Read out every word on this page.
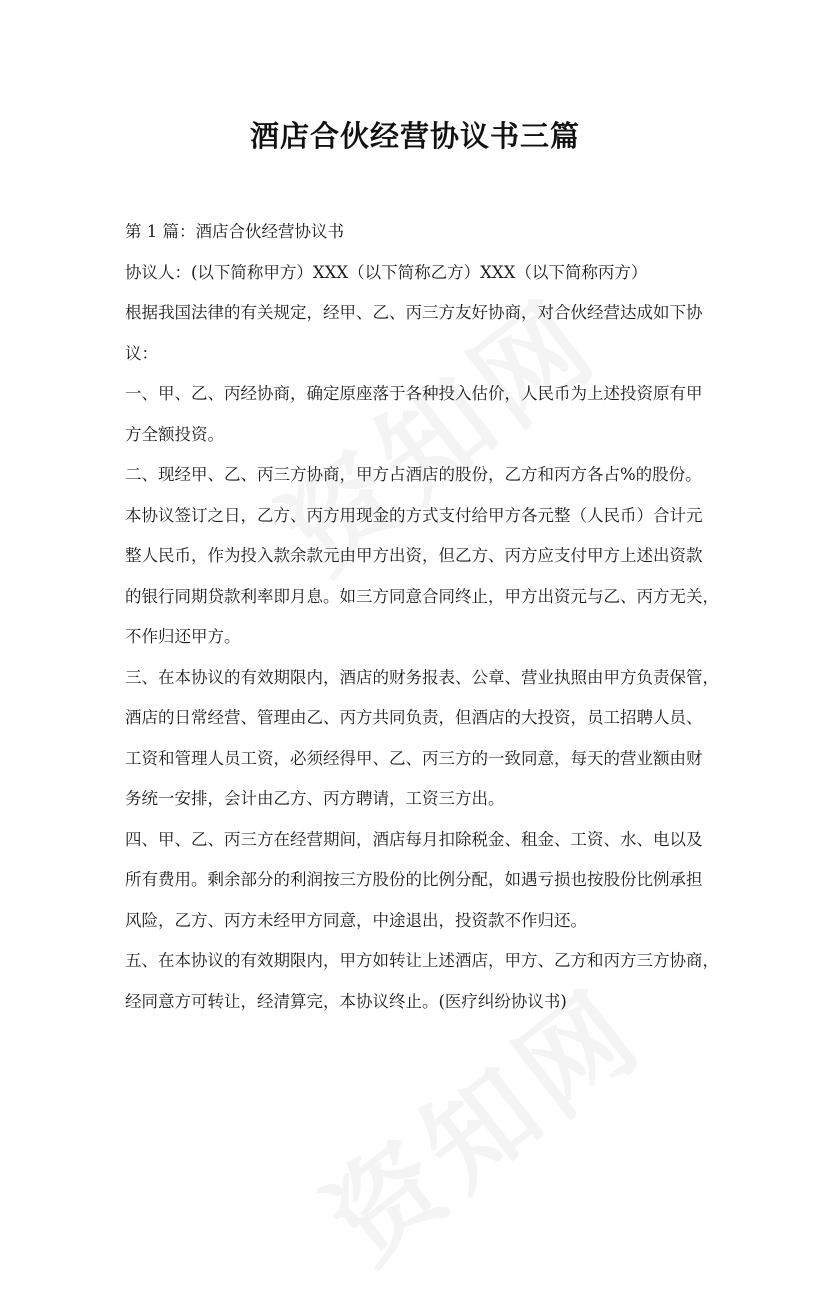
酒店合伙经营协议书三篇

第 1 篇：酒店合伙经营协议书

协议人：(以下简称甲方）XXX（以下简称乙方）XXX（以下简称丙方）

根据我国法律的有关规定，经甲、乙、丙三方友好协商，对合伙经营达成如下协

议：

一、甲、乙、丙经协商，确定原座落于各种投入估价，人民币为上述投资原有甲

方全额投资。

二、现经甲、乙、丙三方协商，甲方占酒店的股份，乙方和丙方各占%的股份。

本协议签订之日，乙方、丙方用现金的方式支付给甲方各元整（人民币）合计元

整人民币，作为投入款余款元由甲方出资，但乙方、丙方应支付甲方上述出资款

的银行同期贷款利率即月息。如三方同意合同终止，甲方出资元与乙、丙方无关，

不作归还甲方。

三、在本协议的有效期限内，酒店的财务报表、公章、营业执照由甲方负责保管，

酒店的日常经营、管理由乙、丙方共同负责，但酒店的大投资，员工招聘人员、

工资和管理人员工资，必须经得甲、乙、丙三方的一致同意，每天的营业额由财

务统一安排，会计由乙方、丙方聘请，工资三方出。

四、甲、乙、丙三方在经营期间，酒店每月扣除税金、租金、工资、水、电以及

所有费用。剩余部分的利润按三方股份的比例分配，如遇亏损也按股份比例承担

风险，乙方、丙方未经甲方同意，中途退出，投资款不作归还。

五、在本协议的有效期限内，甲方如转让上述酒店，甲方、乙方和丙方三方协商，

经同意方可转让，经清算完，本协议终止。(医疗纠纷协议书)
